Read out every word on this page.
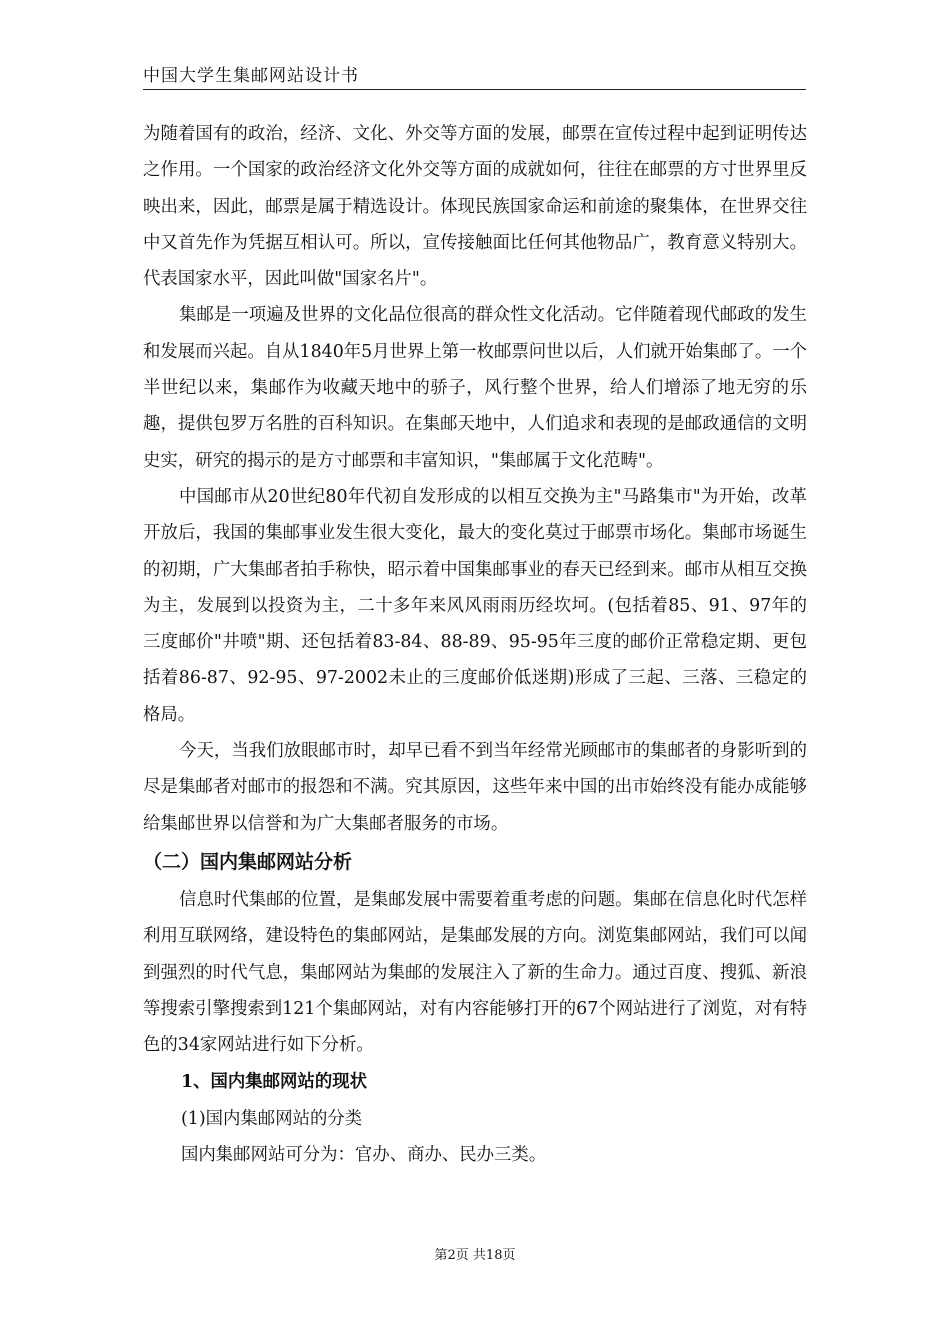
中国大学生集邮网站设计书

为随着国有的政治，经济、文化、外交等方面的发展，邮票在宣传过程中起到证明传达之作用。一个国家的政治经济文化外交等方面的成就如何，往往在邮票的方寸世界里反映出来，因此，邮票是属于精选设计。体现民族国家命运和前途的聚集体，在世界交往中又首先作为凭据互相认可。所以，宣传接触面比任何其他物品广，教育意义特别大。代表国家水平，因此叫做"国家名片"。

集邮是一项遍及世界的文化品位很高的群众性文化活动。它伴随着现代邮政的发生和发展而兴起。自从1840年5月世界上第一枚邮票问世以后，人们就开始集邮了。一个半世纪以来，集邮作为收藏天地中的骄子，风行整个世界，给人们增添了地无穷的乐趣，提供包罗万名胜的百科知识。在集邮天地中，人们追求和表现的是邮政通信的文明史实，研究的揭示的是方寸邮票和丰富知识，"集邮属于文化范畴"。

中国邮市从20世纪80年代初自发形成的以相互交换为主"马路集市"为开始，改革开放后，我国的集邮事业发生很大变化，最大的变化莫过于邮票市场化。集邮市场诞生的初期，广大集邮者拍手称快，昭示着中国集邮事业的春天已经到来。邮市从相互交换为主，发展到以投资为主，二十多年来风风雨雨历经坎坷。(包括着85、91、97年的三度邮价"井喷"期、还包括着83-84、88-89、95-95年三度的邮价正常稳定期、更包括着86-87、92-95、97-2002未止的三度邮价低迷期)形成了三起、三落、三稳定的格局。

今天，当我们放眼邮市时，却早已看不到当年经常光顾邮市的集邮者的身影听到的尽是集邮者对邮市的报怨和不满。究其原因，这些年来中国的出市始终没有能办成能够给集邮世界以信誉和为广大集邮者服务的市场。

（二）国内集邮网站分析

信息时代集邮的位置，是集邮发展中需要着重考虑的问题。集邮在信息化时代怎样利用互联网络，建设特色的集邮网站，是集邮发展的方向。浏览集邮网站，我们可以闻到强烈的时代气息，集邮网站为集邮的发展注入了新的生命力。通过百度、搜狐、新浪等搜索引擎搜索到121个集邮网站，对有内容能够打开的67个网站进行了浏览，对有特色的34家网站进行如下分析。

1、国内集邮网站的现状

(1)国内集邮网站的分类

国内集邮网站可分为：官办、商办、民办三类。

第2页 共18页
